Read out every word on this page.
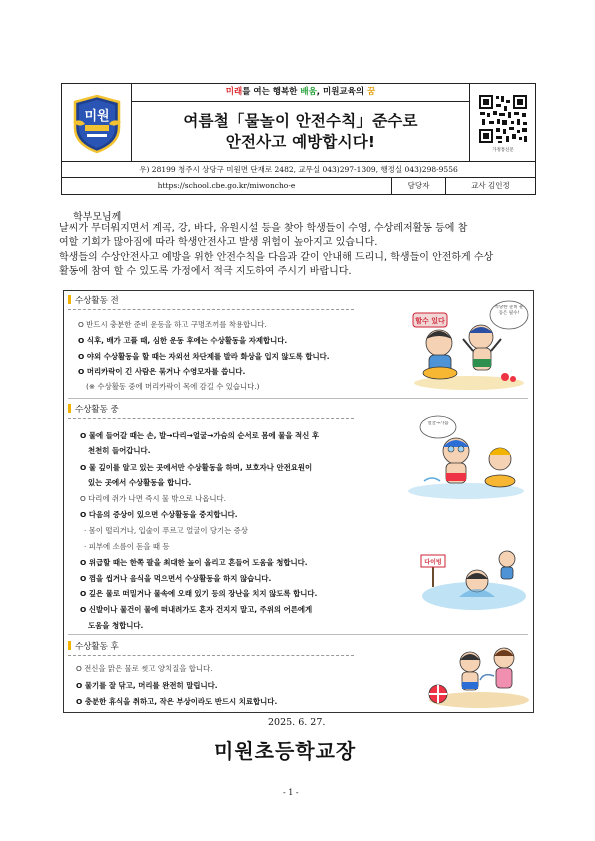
미원
미래를 여는 행복한 배움, 미원교육의 꿈
여름철「물놀이 안전수칙」준수로
안전사고 예방합시다!	가정통신문
우) 28199 청주시 상당구 미원면 단재로 2482, 교무실 043)297-1309, 행정실 043)298-9556
https://school.cbe.go.kr/miwoncho-e	담당자	교사 김인정
학부모님께
날씨가 무더워지면서 계곡, 강, 바다, 유원시설 등을 찾아 학생들이 수영, 수상레저활동 등에 참
여할 기회가 많아짐에 따라 학생안전사고 발생 위험이 높아지고 있습니다.
학생들의 수상안전사고 예방을 위한 안전수칙을 다음과 같이 안내해 드리니, 학생들이 안전하게 수상
활동에 참여 할 수 있도록 가정에서 적극 지도하여 주시기 바랍니다.
수상활동 전
O 반드시 충분한 준비 운동을 하고 구명조끼를 착용합니다.
O 식후, 배가 고플 때, 심한 운동 후에는 수상활동을 자제합니다.
O 야외 수상활동을 할 때는 자외선 차단제를 발라 화상을 입지 않도록 합니다.
O 머리카락이 긴 사람은 묶거나 수영모자를 씁니다.
(※ 수상활동 중에 머리카락이 목에 감길 수 있습니다.)
할수 있다
적당한 준비 운동은 필수!
수상활동 중
O 물에 들어갈 때는 손, 발→다리→얼굴→가슴의 순서로 몸에 물을 적신 후
천천히 들어갑니다.
O 물 깊이를 알고 있는 곳에서만 수상활동을 하며, 보호자나 안전요원이
있는 곳에서 수상활동을 합니다.
O 다리에 쥐가 나면 즉시 물 밖으로 나옵니다.
O 다음의 증상이 있으면 수상활동을 중지합니다.
· 몸이 떨리거나, 입술이 푸르고 얼굴이 당기는 증상
· 피부에 소름이 돋을 때 등
O 위급할 때는 한쪽 팔을 최대한 높이 올리고 흔들어 도움을 청합니다.
O 껌을 씹거나 음식을 먹으면서 수상활동을 하지 않습니다.
O 깊은 물로 떠밀거나 물속에 오래 있기 등의 장난을 치지 않도록 합니다.
O 신발이나 물건이 물에 떠내려가도 혼자 건지지 말고, 주위의 어른에게
도움을 청합니다.
얼굴→가슴
다이빙
수상활동 후
O 전신을 맑은 물로 씻고 양치질을 합니다.
O 물기를 잘 닦고, 머리를 완전히 말립니다.
O 충분한 휴식을 취하고, 작은 부상이라도 반드시 치료합니다.
2025. 6. 27.
미원초등학교장
- 1 -
